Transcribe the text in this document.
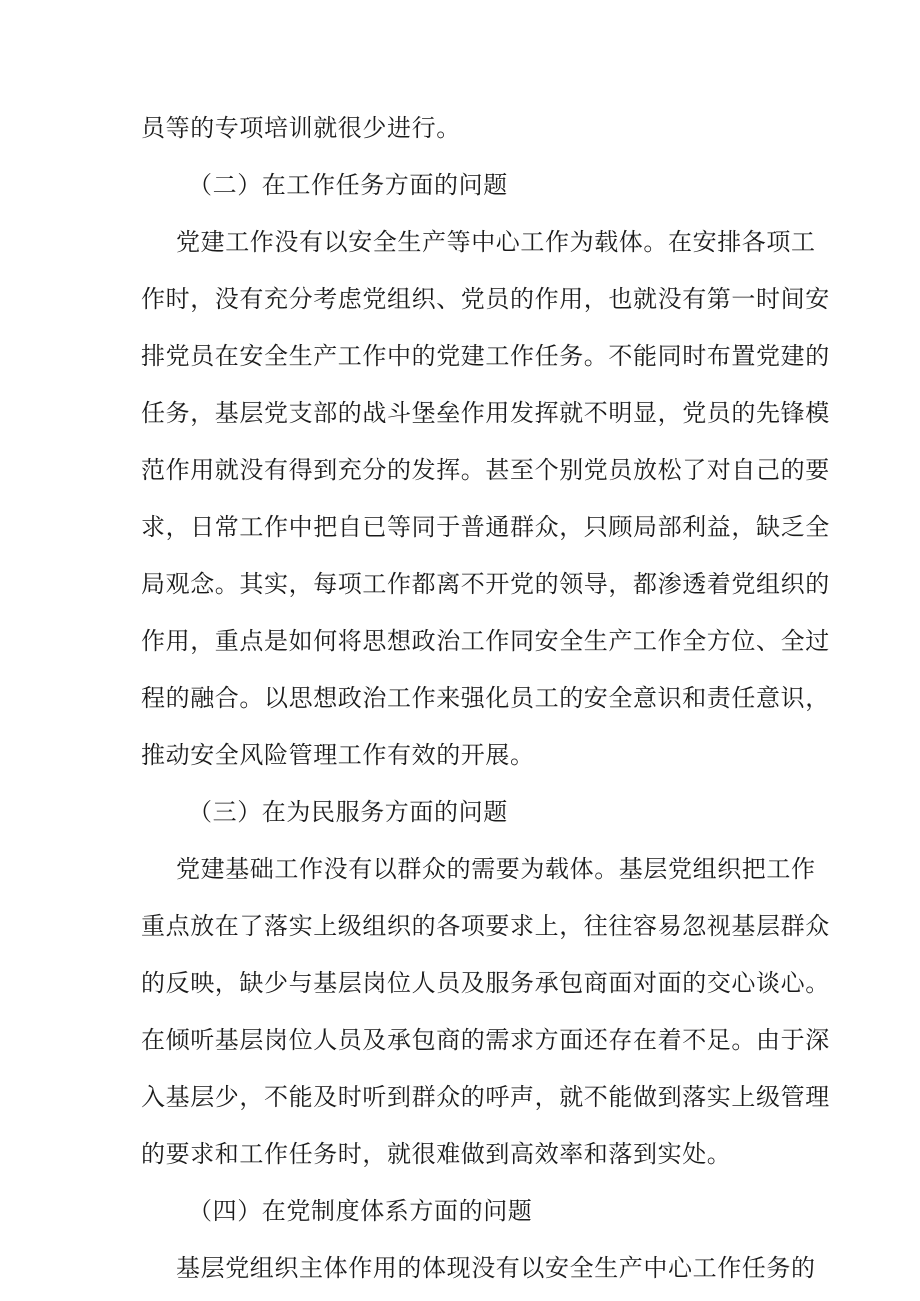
员等的专项培训就很少进行。
（二）在工作任务方面的问题
党建工作没有以安全生产等中心工作为载体。在安排各项工
作时，没有充分考虑党组织、党员的作用，也就没有第一时间安
排党员在安全生产工作中的党建工作任务。不能同时布置党建的
任务，基层党支部的战斗堡垒作用发挥就不明显，党员的先锋模
范作用就没有得到充分的发挥。甚至个别党员放松了对自己的要
求，日常工作中把自已等同于普通群众，只顾局部利益，缺乏全
局观念。其实，每项工作都离不开党的领导，都渗透着党组织的
作用，重点是如何将思想政治工作同安全生产工作全方位、全过
程的融合。以思想政治工作来强化员工的安全意识和责任意识，
推动安全风险管理工作有效的开展。
（三）在为民服务方面的问题
党建基础工作没有以群众的需要为载体。基层党组织把工作
重点放在了落实上级组织的各项要求上，往往容易忽视基层群众
的反映，缺少与基层岗位人员及服务承包商面对面的交心谈心。
在倾听基层岗位人员及承包商的需求方面还存在着不足。由于深
入基层少，不能及时听到群众的呼声，就不能做到落实上级管理
的要求和工作任务时，就很难做到高效率和落到实处。
（四）在党制度体系方面的问题
基层党组织主体作用的体现没有以安全生产中心工作任务的
